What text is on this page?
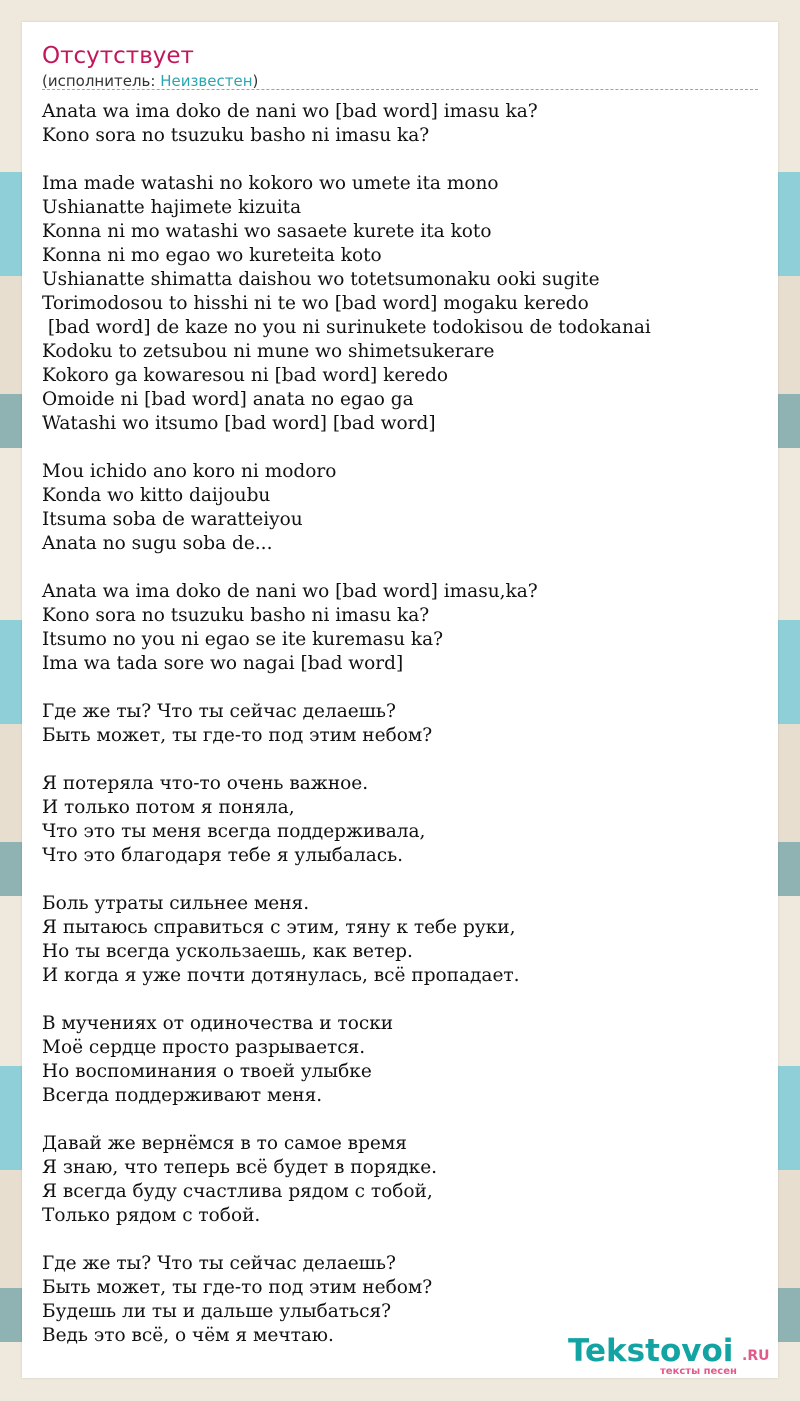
Отсутствует
(исполнитель: Неизвестен)
Anata wa ima doko de nani wo [bad word] imasu ka?
Kono sora no tsuzuku basho ni imasu ka?

Ima made watashi no kokoro wo umete ita mono
Ushianatte hajimete kizuita
Konna ni mo watashi wo sasaete kurete ita koto
Konna ni mo egao wo kureteita koto
Ushianatte shimatta daishou wo totetsumonaku ooki sugite
Torimodosou to hisshi ni te wo [bad word] mogaku keredo
[bad word] de kaze no you ni surinukete todokisou de todokanai
Kodoku to zetsubou ni mune wo shimetsukerare
Kokoro ga kowaresou ni [bad word] keredo
Omoide ni [bad word] anata no egao ga
Watashi wo itsumo [bad word] [bad word]

Mou ichido ano koro ni modoro
Konda wo kitto daijoubu
Itsuma soba de waratteiyou
Anata no sugu soba de...

Anata wa ima doko de nani wo [bad word] imasu,ka?
Kono sora no tsuzuku basho ni imasu ka?
Itsumo no you ni egao se ite kuremasu ka?
Ima wa tada sore wo nagai [bad word]

Где же ты? Что ты сейчас делаешь?
Быть может, ты где-то под этим небом?

Я потеряла что-то очень важное.
И только потом я поняла,
Что это ты меня всегда поддерживала,
Что это благодаря тебе я улыбалась.

Боль утраты сильнее меня.
Я пытаюсь справиться с этим, тяну к тебе руки,
Но ты всегда ускользаешь, как ветер.
И когда я уже почти дотянулась, всё пропадает.

В мучениях от одиночества и тоски
Моё сердце просто разрывается.
Но воспоминания о твоей улыбке
Всегда поддерживают меня.

Давай же вернёмся в то самое время
Я знаю, что теперь всё будет в порядке.
Я всегда буду счастлива рядом с тобой,
Только рядом с тобой.

Где же ты? Что ты сейчас делаешь?
Быть может, ты где-то под этим небом?
Будешь ли ты и дальше улыбаться?
Ведь это всё, о чём я мечтаю.	Tekstovoi .RU
тексты песен
